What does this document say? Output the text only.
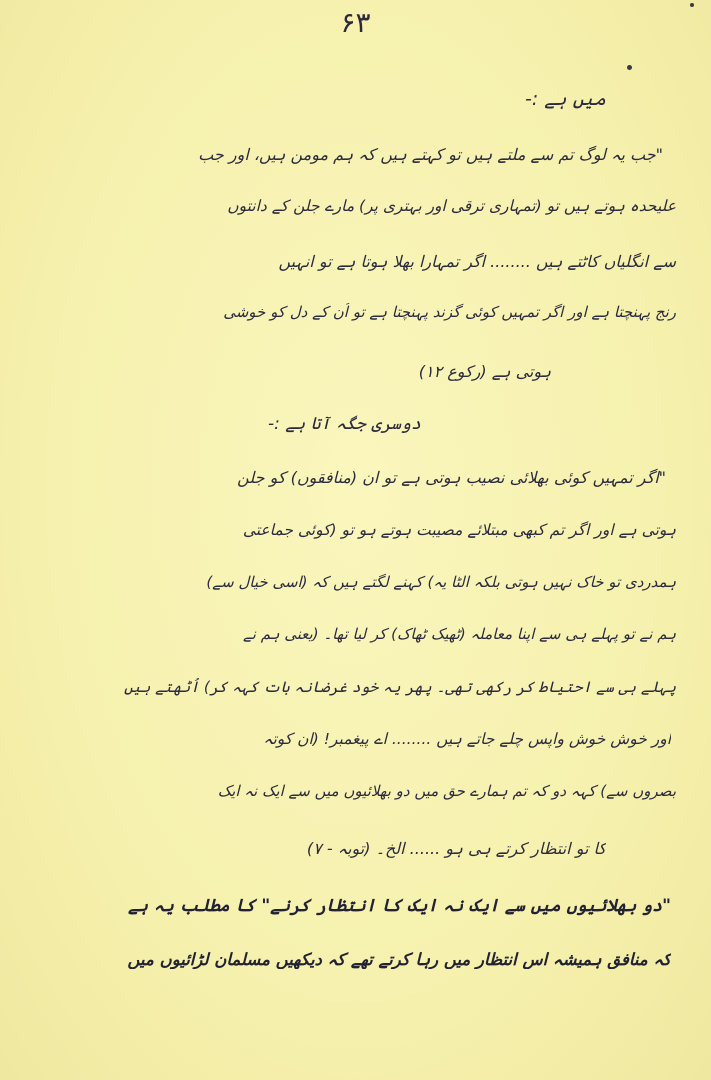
۶۳
میں ہے :-
"جب یہ لوگ تم سے ملتے ہیں تو کہتے ہیں کہ ہم مومن ہیں، اور جب
علیحدہ ہوتے ہیں تو (تمہاری ترقی اور بہتری پر) مارے جلن کے دانتوں
سے انگلیاں کاٹتے ہیں ........ اگر تمہارا بھلا ہوتا ہے تو انہیں
رنج پہنچتا ہے اور اگر تمہیں کوئی گزند پہنچتا ہے تو اُن کے دل کو خوشی
ہوتی ہے (رکوع ۱۲)
دوسری جگہ آتا ہے :-
"اگر تمہیں کوئی بھلائی نصیب ہوتی ہے تو ان (منافقوں) کو جلن
ہوتی ہے اور اگر تم کبھی مبتلائے مصیبت ہوتے ہو تو (کوئی جماعتی
ہمدردی تو خاک نہیں ہوتی بلکہ الٹا یہ) کہنے لگتے ہیں کہ (اسی خیال سے)
ہم نے تو پہلے ہی سے اپنا معاملہ (ٹھیک ٹھاک) کر لیا تھا۔ (یعنی ہم نے
پہلے ہی سے احتیاط کر رکھی تھی۔ پھر یہ خود غرضانہ بات کہہ کر) اُٹھتے ہیں
اور خوش خوش واپس چلے جاتے ہیں ........ اے پیغمبر! (ان کوتہ
بصروں سے) کہہ دو کہ تم ہمارے حق میں دو بھلائیوں میں سے ایک نہ ایک
کا تو انتظار کرتے ہی ہو ...... الخ۔ (توبہ - ۷)
"دو بھلائیوں میں سے ایک نہ ایک کا انتظار کرنے" کا مطلب یہ ہے
کہ منافق ہمیشہ اس انتظار میں رہا کرتے تھے کہ دیکھیں مسلمان لڑائیوں میں
